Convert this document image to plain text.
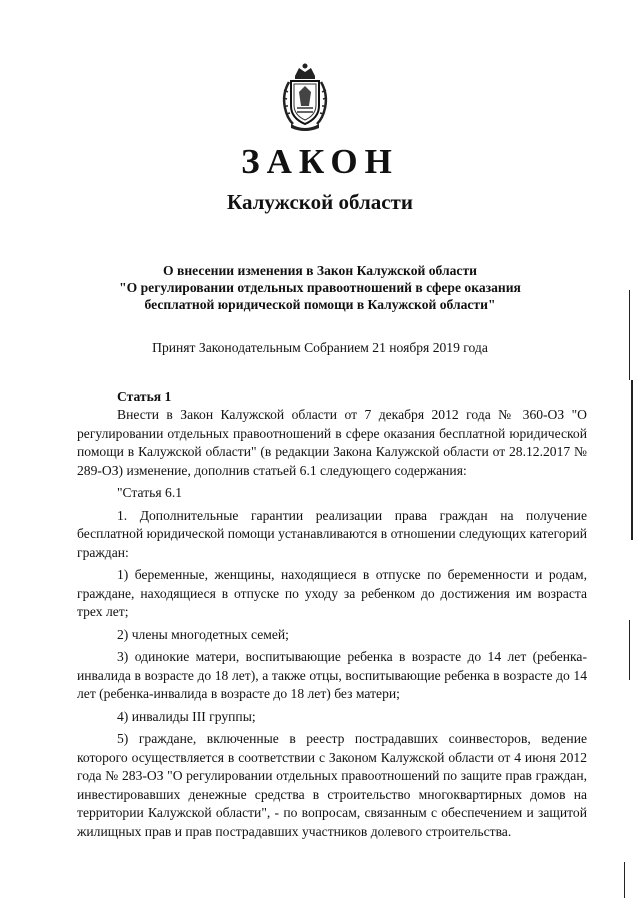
ЗАКОН
Калужской области
О внесении изменения в Закон Калужской области
"О регулировании отдельных правоотношений в сфере оказания
бесплатной юридической помощи в Калужской области"
Принят Законодательным Собранием 21 ноября 2019 года
Статья 1

Внести в Закон Калужской области от 7 декабря 2012 года № 360-ОЗ "О регулировании отдельных правоотношений в сфере оказания бесплатной юридической помощи в Калужской области" (в редакции Закона Калужской области от 28.12.2017 № 289-ОЗ) изменение, дополнив статьей 6.1 следующего содержания:

"Статья 6.1

1. Дополнительные гарантии реализации права граждан на получение бесплатной юридической помощи устанавливаются в отношении следующих категорий граждан:

1) беременные, женщины, находящиеся в отпуске по беременности и родам, граждане, находящиеся в отпуске по уходу за ребенком до достижения им возраста трех лет;

2) члены многодетных семей;

3) одинокие матери, воспитывающие ребенка в возрасте до 14 лет (ребенка-инвалида в возрасте до 18 лет), а также отцы, воспитывающие ребенка в возрасте до 14 лет (ребенка-инвалида в возрасте до 18 лет) без матери;

4) инвалиды III группы;

5) граждане, включенные в реестр пострадавших соинвесторов, ведение которого осуществляется в соответствии с Законом Калужской области от 4 июня 2012 года № 283-ОЗ "О регулировании отдельных правоотношений по защите прав граждан, инвестировавших денежные средства в строительство многоквартирных домов на территории Калужской области", - по вопросам, связанным с обеспечением и защитой жилищных прав и прав пострадавших участников долевого строительства.
